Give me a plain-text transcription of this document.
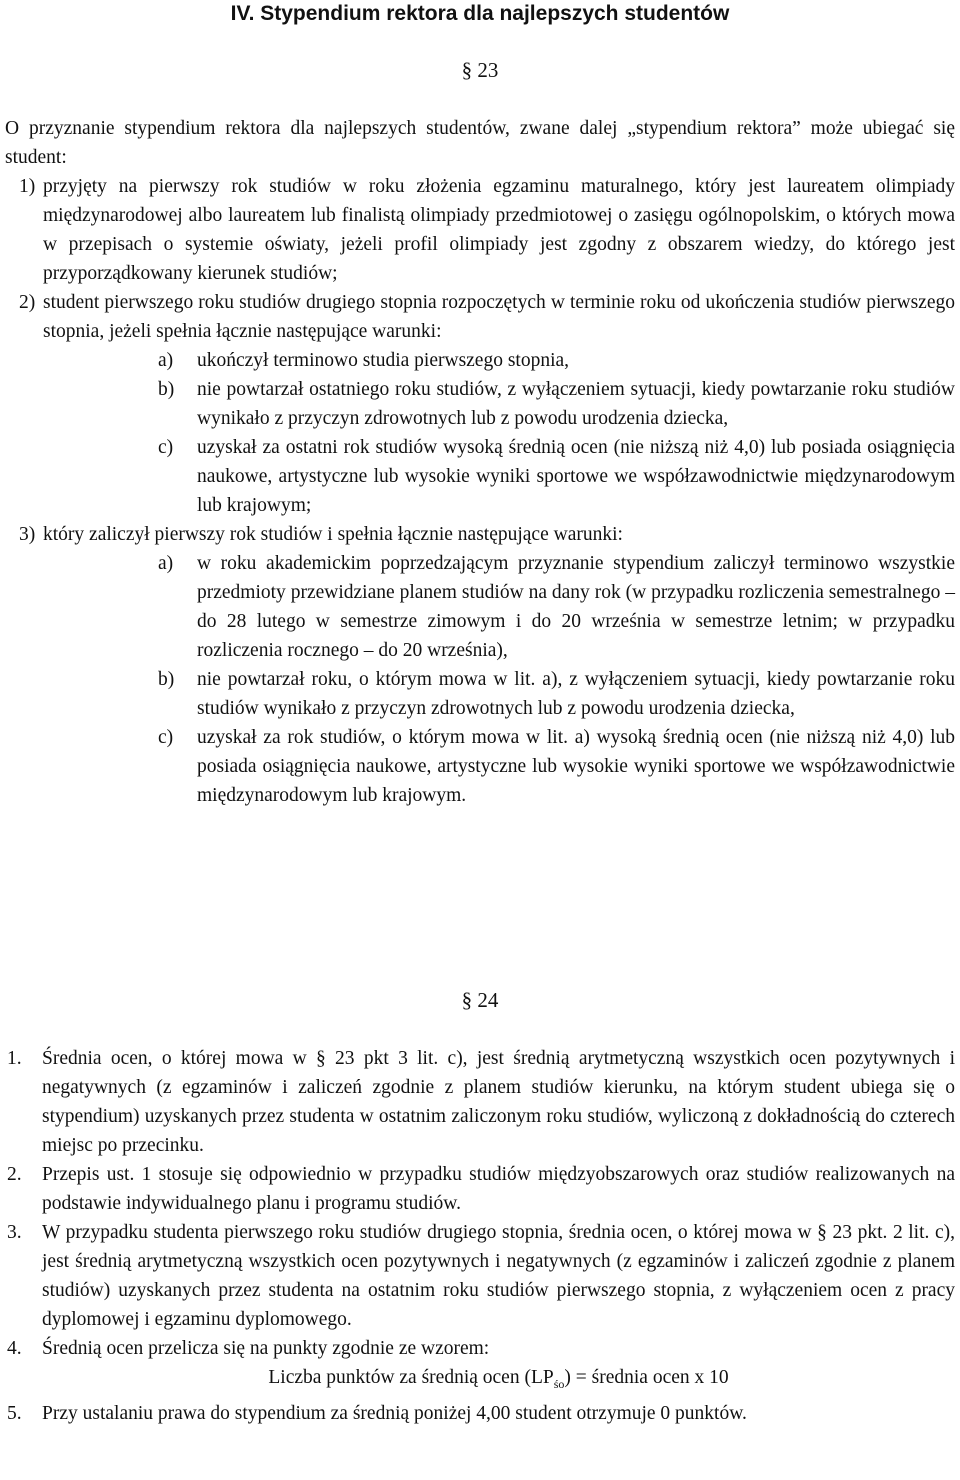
IV. Stypendium rektora dla najlepszych studentów
§ 23
O przyznanie stypendium rektora dla najlepszych studentów, zwane dalej „stypendium rektora” może ubiegać się student:
1) przyjęty na pierwszy rok studiów w roku złożenia egzaminu maturalnego, który jest laureatem olimpiady międzynarodowej albo laureatem lub finalistą olimpiady przedmiotowej o zasięgu ogólnopolskim, o których mowa w przepisach o systemie oświaty, jeżeli profil olimpiady jest zgodny z obszarem wiedzy, do którego jest przyporządkowany kierunek studiów;
2) student pierwszego roku studiów drugiego stopnia rozpoczętych w terminie roku od ukończenia studiów pierwszego stopnia, jeżeli spełnia łącznie następujące warunki:
a) ukończył terminowo studia pierwszego stopnia,
b) nie powtarzał ostatniego roku studiów, z wyłączeniem sytuacji, kiedy powtarzanie roku studiów wynikało z przyczyn zdrowotnych lub z powodu urodzenia dziecka,
c) uzyskał za ostatni rok studiów wysoką średnią ocen (nie niższą niż 4,0) lub posiada osiągnięcia naukowe, artystyczne lub wysokie wyniki sportowe we współzawodnictwie międzynarodowym lub krajowym;
3) który zaliczył pierwszy rok studiów i spełnia łącznie następujące warunki:
a) w roku akademickim poprzedzającym przyznanie stypendium zaliczył terminowo wszystkie przedmioty przewidziane planem studiów na dany rok (w przypadku rozliczenia semestralnego – do 28 lutego w semestrze zimowym i do 20 września w semestrze letnim; w przypadku rozliczenia rocznego – do 20 września),
b) nie powtarzał roku, o którym mowa w lit. a), z wyłączeniem sytuacji, kiedy powtarzanie roku studiów wynikało z przyczyn zdrowotnych lub z powodu urodzenia dziecka,
c) uzyskał za rok studiów, o którym mowa w lit. a) wysoką średnią ocen (nie niższą niż 4,0) lub posiada osiągnięcia naukowe, artystyczne lub wysokie wyniki sportowe we współzawodnictwie międzynarodowym lub krajowym.
§ 24
1. Średnia ocen, o której mowa w § 23 pkt 3 lit. c), jest średnią arytmetyczną wszystkich ocen pozytywnych i negatywnych (z egzaminów i zaliczeń zgodnie z planem studiów kierunku, na którym student ubiega się o stypendium) uzyskanych przez studenta w ostatnim zaliczonym roku studiów, wyliczoną z dokładnością do czterech miejsc po przecinku.
2. Przepis ust. 1 stosuje się odpowiednio w przypadku studiów międzyobszarowych oraz studiów realizowanych na podstawie indywidualnego planu i programu studiów.
3. W przypadku studenta pierwszego roku studiów drugiego stopnia, średnia ocen, o której mowa w § 23 pkt. 2 lit. c), jest średnią arytmetyczną wszystkich ocen pozytywnych i negatywnych (z egzaminów i zaliczeń zgodnie z planem studiów) uzyskanych przez studenta na ostatnim roku studiów pierwszego stopnia, z wyłączeniem ocen z pracy dyplomowej i egzaminu dyplomowego.
4. Średnią ocen przelicza się na punkty zgodnie ze wzorem:
Liczba punktów za średnią ocen $(LP_{śo})$ = średnia ocen x 10
5. Przy ustalaniu prawa do stypendium za średnią poniżej 4,00 student otrzymuje 0 punktów.
